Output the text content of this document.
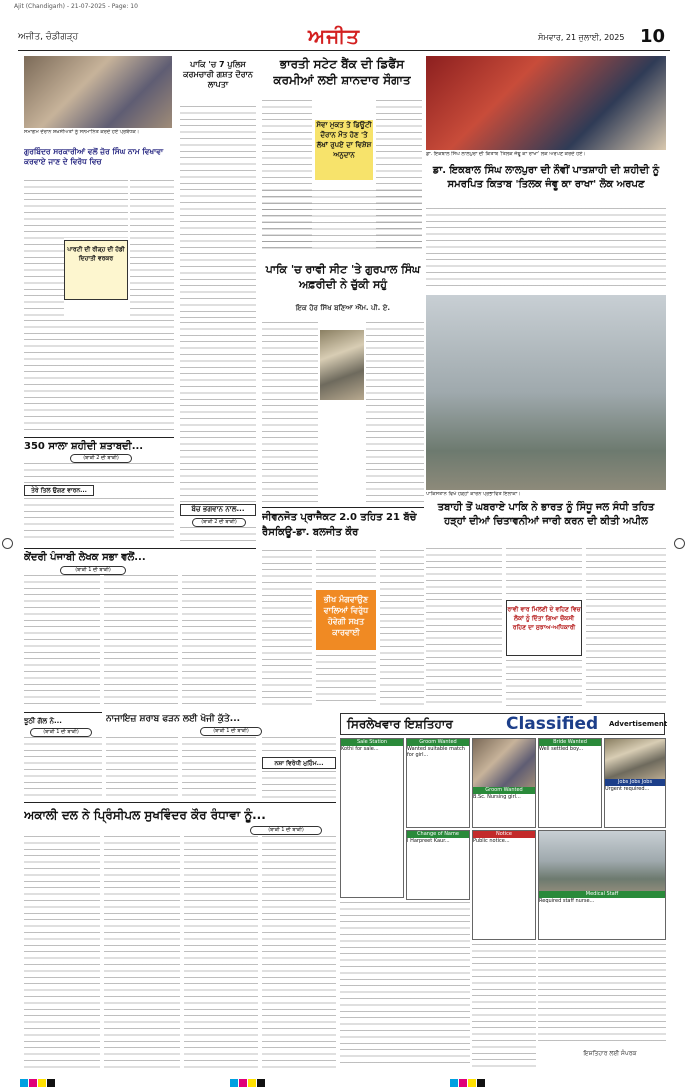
Ajit (Chandigarh) - 21-07-2025 - Page: 10
ਅਜੀਤ, ਚੰਡੀਗੜ੍ਹ	ਅਜੀਤ	ਸੋਮਵਾਰ, 21 ਜੁਲਾਈ, 2025 10
ਸਮਾਗਮ ਦੌਰਾਨ ਸ਼ਖ਼ਸੀਅਤਾਂ ਨੂੰ ਸਨਮਾਨਿਤ ਕਰਦੇ ਹੋਏ ਪ੍ਰਬੰਧਕ।
ਪਾਕਿ 'ਚ 7 ਪੁਲਿਸ ਕਰਮਚਾਰੀ ਗਸ਼ਤ ਦੌਰਾਨ ਲਾਪਤਾ
ਭਾਰਤੀ ਸਟੇਟ ਬੈਂਕ ਦੀ ਡਿਫੈਂਸ ਕਰਮੀਆਂ ਲਈ ਸ਼ਾਨਦਾਰ ਸੌਗਾਤ
ਸੇਵਾ ਮੁਕਤ ਤੇ ਡਿਊਟੀ ਦੌਰਾਨ ਮੌਤ ਹੋਣ 'ਤੇ ਲੱਖਾਂ ਰੁਪਏ ਦਾ ਵਿਸ਼ੇਸ਼ ਅਨੁਦਾਨ	ਡਾ. ਇਕਬਾਲ ਸਿੰਘ ਲਾਲਪੁਰਾ ਦੀ ਕਿਤਾਬ 'ਤਿਲਕ ਜੰਞੂ ਕਾ ਰਾਖਾ' ਲੋਕ ਅਰਪਣ ਕਰਦੇ ਹੋਏ।
ਡਾ. ਇਕਬਾਲ ਸਿੰਘ ਲਾਲਪੁਰਾ ਦੀ ਨੌਵੀਂ ਪਾਤਸ਼ਾਹੀ ਦੀ ਸ਼ਹੀਦੀ ਨੂੰ ਸਮਰਪਿਤ ਕਿਤਾਬ 'ਤਿਲਕ ਜੰਞੂ ਕਾ ਰਾਖਾ' ਲੋਕ ਅਰਪਣ
ਗੁਰਬਿੰਦਰ ਸਰਕਾਰੀਆਂ ਵਲੋਂ ਜ਼ੋਰ ਸਿੰਘ ਨਾਮ ਵਿਖਾਵਾ ਕਰਵਾਏ ਜਾਣ ਦੇ ਵਿਰੋਧ ਵਿਚ
ਪਾਰਟੀ ਦੀ ਰੀੜ੍ਹ ਦੀ ਹੱਡੀ ਦਿਹਾਤੀ ਵਰਕਰ
ਪਾਕਿ 'ਚ ਰਾਵੀ ਸੀਟ 'ਤੇ ਗੁਰਪਾਲ ਸਿੰਘ ਅਫ਼ਰੀਦੀ ਨੇ ਚੁੱਕੀ ਸਹੁੰ
ਇਕ ਹੋਰ ਸਿੱਖ ਬਣਿਆ ਐੱਮ. ਪੀ. ਏ.
ਪਾਕਿਸਤਾਨ ਵਿਖੇ ਹੜ੍ਹਾਂ ਕਾਰਨ ਪ੍ਰਭਾਵਿਤ ਇਲਾਕਾ।
ਤਬਾਹੀ ਤੋਂ ਘਬਰਾਏ ਪਾਕਿ ਨੇ ਭਾਰਤ ਨੂੰ ਸਿੰਧੂ ਜਲ ਸੰਧੀ ਤਹਿਤ ਹੜ੍ਹਾਂ ਦੀਆਂ ਚਿਤਾਵਨੀਆਂ ਜਾਰੀ ਕਰਨ ਦੀ ਕੀਤੀ ਅਪੀਲ
ਰਾਵੀ ਵਾਰ ਮਿਲਣੀ ਦੇ ਵਹਿਣ ਵਿਚ ਲੋਕਾਂ ਨੂੰ ਦਿੱਤਾ ਗਿਆ ਚੌਕਸੀ ਰਹਿਣ ਦਾ ਸੁਝਾਅ-ਅਧਿਕਾਰੀ
350 ਸਾਲਾ ਸ਼ਹੀਦੀ ਸ਼ਤਾਬਦੀ...
(ਬਾਕੀ 2 ਦੀ ਬਾਕੀ)
ਤੇਰੇ ਤਿਲ ਉਗਣ ਵਾਰਨ...
ਬੰਚ ਭਗਵਾਨ ਨਾਲ...
(ਬਾਕੀ 2 ਦੀ ਬਾਕੀ)	ਜੀਵਨਜੋਤ ਪ੍ਰਾਜੈਕਟ 2.0 ਤਹਿਤ 21 ਬੱਚੇ ਰੈਸਕਿਊ-ਡਾ. ਬਲਜੀਤ ਕੌਰ
ਭੀਖ ਮੰਗਵਾਉਣ ਵਾਲਿਆਂ ਵਿਰੁੱਧ ਹੋਵੇਗੀ ਸਖ਼ਤ ਕਾਰਵਾਈ
ਕੇਂਦਰੀ ਪੰਜਾਬੀ ਲੇਖਕ ਸਭਾ ਵਲੋਂ...
(ਬਾਕੀ 1 ਦੀ ਬਾਕੀ)
ਝੂਠੀ ਗੱਲ ਨੇ...
(ਬਾਕੀ 1 ਦੀ ਬਾਕੀ)
ਨਾਜਾਇਜ਼ ਸ਼ਰਾਬ ਫੜਨ ਲਈ ਖੋਜੀ ਕੁੱਤੇ...
(ਬਾਕੀ 1 ਦੀ ਬਾਕੀ)
ਨਸ਼ਾ ਵਿਰੋਧੀ ਮੁਹਿੰਮ...
ਅਕਾਲੀ ਦਲ ਨੇ ਪ੍ਰਿੰਸੀਪਲ ਸੁਖਵਿੰਦਰ ਕੌਰ ਰੰਧਾਵਾ ਨੂੰ...
(ਬਾਕੀ 1 ਦੀ ਬਾਕੀ)
ਸਿਰਲੇਖਵਾਰ ਇਸ਼ਤਿਹਾਰ	Classified Advertisement
Sale Station
Kothi for sale...
Groom Wanted
Wanted suitable match for girl...
Groom Wanted
B.Sc. Nursing girl...
Bride Wanted
Well settled boy...
Jobs Jobs Jobs
Urgent required...
Change of Name
I Harpreet Kaur...
Notice
Public notice...
Medical Staff
Required staff nurse...
ਇਸ਼ਤਿਹਾਰ ਲਈ ਸੰਪਰਕ
